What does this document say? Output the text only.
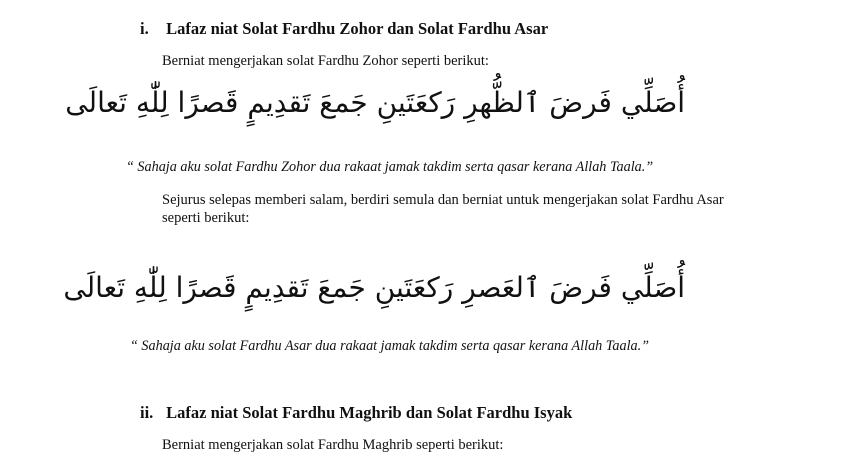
i. Lafaz niat Solat Fardhu Zohor dan Solat Fardhu Asar
Berniat mengerjakan solat Fardhu Zohor seperti berikut:
أُصَلِّي فَرضَ ٱلظُّهرِ رَكعَتَينِ جَمعَ تَقدِيمٍ قَصرًا لِلّٰهِ تَعالَى
“ Sahaja aku solat Fardhu Zohor dua rakaat jamak takdim serta qasar kerana Allah Taala.”
Sejurus selepas memberi salam, berdiri semula dan berniat untuk mengerjakan solat Fardhu Asar
seperti berikut:
أُصَلِّي فَرضَ ٱلعَصرِ رَكعَتَينِ جَمعَ تَقدِيمٍ قَصرًا لِلّٰهِ تَعالَى
“ Sahaja aku solat Fardhu Asar dua rakaat jamak takdim serta qasar kerana Allah Taala.”
ii. Lafaz niat Solat Fardhu Maghrib dan Solat Fardhu Isyak
Berniat mengerjakan solat Fardhu Maghrib seperti berikut:
